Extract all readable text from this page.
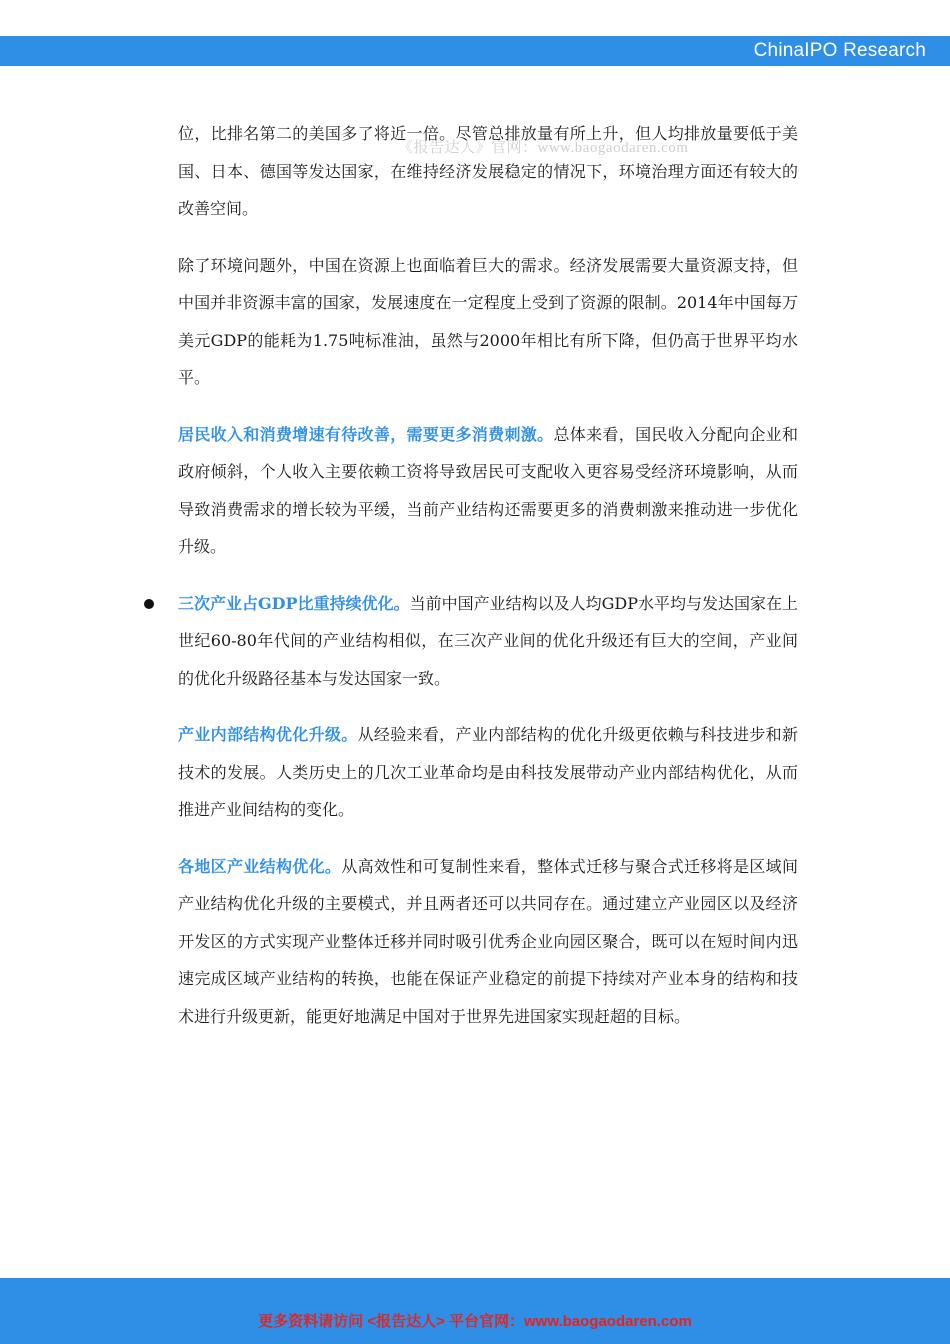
ChinaIPO Research
《报告达人》官网：www.baogaodaren.com

位，比排名第二的美国多了将近一倍。尽管总排放量有所上升，但人均排放量要低于美国、日本、德国等发达国家，在维持经济发展稳定的情况下，环境治理方面还有较大的改善空间。

除了环境问题外，中国在资源上也面临着巨大的需求。经济发展需要大量资源支持，但中国并非资源丰富的国家，发展速度在一定程度上受到了资源的限制。2014年中国每万美元GDP的能耗为1.75吨标准油，虽然与2000年相比有所下降，但仍高于世界平均水平。

居民收入和消费增速有待改善，需要更多消费刺激。总体来看，国民收入分配向企业和政府倾斜，个人收入主要依赖工资将导致居民可支配收入更容易受经济环境影响，从而导致消费需求的增长较为平缓，当前产业结构还需要更多的消费刺激来推动进一步优化升级。

三次产业占GDP比重持续优化。当前中国产业结构以及人均GDP水平均与发达国家在上世纪60-80年代间的产业结构相似，在三次产业间的优化升级还有巨大的空间，产业间的优化升级路径基本与发达国家一致。

产业内部结构优化升级。从经验来看，产业内部结构的优化升级更依赖与科技进步和新技术的发展。人类历史上的几次工业革命均是由科技发展带动产业内部结构优化，从而推进产业间结构的变化。

各地区产业结构优化。从高效性和可复制性来看，整体式迁移与聚合式迁移将是区域间产业结构优化升级的主要模式，并且两者还可以共同存在。通过建立产业园区以及经济开发区的方式实现产业整体迁移并同时吸引优秀企业向园区聚合，既可以在短时间内迅速完成区域产业结构的转换，也能在保证产业稳定的前提下持续对产业本身的结构和技术进行升级更新，能更好地满足中国对于世界先进国家实现赶超的目标。

更多资料请访问 <报告达人> 平台官网：www.baogaodaren.com
